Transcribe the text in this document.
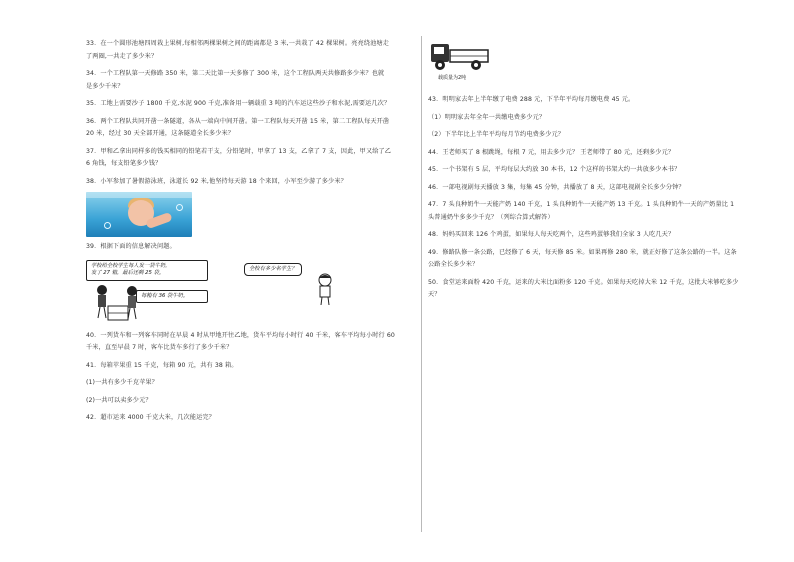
33．在一个圆形池塘四周栽上果树,每相邻两棵果树之间的距离都是 3 米,一共栽了 42 棵果树。亮亮绕池塘走

了两圈,一共走了多少米？

34．一个工程队第一天修路 350 米，第二天比第一天多修了 300 米，这个工程队两天共修路多少米？也就

是多少千米？

35．工地上需要沙子 1800 千克,水泥 900 千克,准备用一辆载重 3 吨的汽车运这些沙子和水泥,需要运几次？

36．两个工程队共同开凿一条隧道，各从一端向中间开凿。第一工程队每天开凿 15 米，第二工程队每天开凿

20 米，经过 30 天全部开通，这条隧道全长多少米？

37．甲和乙拿出同样多的钱买相同的铅笔若干支，分铅笔时，甲拿了 13 支，乙拿了 7 支，因此，甲又给了乙

6 角钱，每支铅笔多少钱？

38．小军参加了暑假游泳班，泳道长 92 米,他坚持每天游 18 个来回，小军至少游了多少米？

39．根据下面的信息解决问题。

学校给全校学生每人发一袋牛奶，
发了 27 箱，最后还剩 25 袋。
每箱有 36 袋牛奶。
全校有多少名学生？

40．一列货车和一列客车同时在早晨 4 时从甲地开往乙地，货车平均每小时行 40 千米，客车平均每小时行 60

千米，直至早晨 7 时，客车比货车多行了多少千米？

41．每箱苹果重 15 千克，每箱 90 元，共有 38 箱。

(1)一共有多少千克苹果？

(2)一共可以卖多少元？

42．超市运来 4000 千克大米，几次能运完？

载质量为2吨

43．明明家去年上半年缴了电费 288 元，下半年平均每月缴电费 45 元。

（1）明明家去年全年一共缴电费多少元？

（2）下半年比上半年平均每月节约电费多少元？

44．王老师买了 8 根跳绳，每根 7 元，用去多少元？ 王老师带了 80 元，还剩多少元？

45．一个书架有 5 层，平均每层大约放 30 本书，12 个这样的书架大约一共放多少本书？

46．一部电视剧每天播放 3 集，每集 45 分钟，共播放了 8 天，这部电视剧全长多少分钟？

47．7 头良种奶牛一天能产奶 140 千克，1 头良种奶牛一天能产奶 13 千克。1 头良种奶牛一天的产奶量比 1

头普通奶牛多多少千克？（列综合算式解答）

48．妈妈买回来 126 个鸡蛋，如果每人每天吃两个，这些鸡蛋够我们全家 3 人吃几天？

49．修路队修一条公路，已经修了 6 天，每天修 85 米。如果再修 280 米，就正好修了这条公路的一半。这条

公路全长多少米？

50．食堂运来面粉 420 千克，运来的大米比面粉多 120 千克。如果每天吃掉大米 12 千克，这批大米够吃多少

天？
